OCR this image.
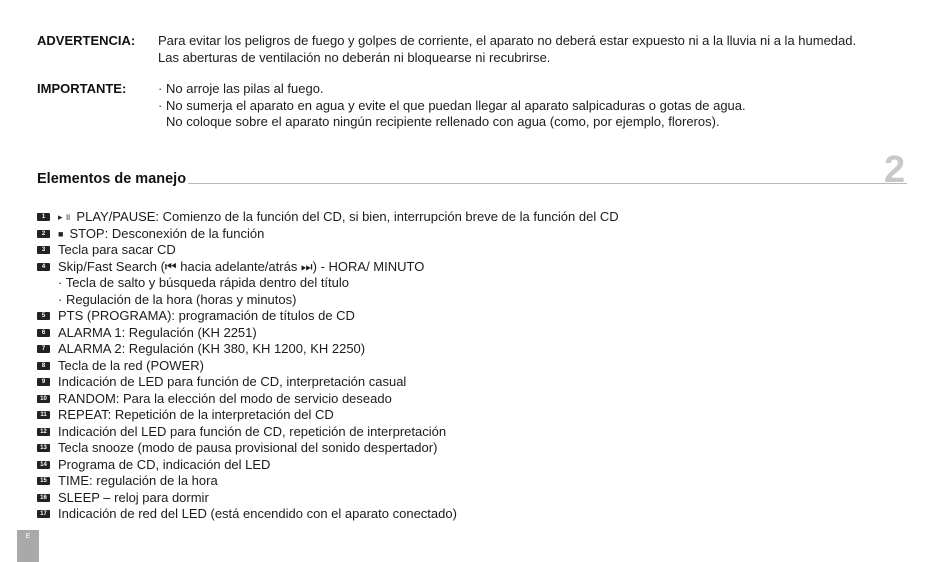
ADVERTENCIA:	Para evitar los peligros de fuego y golpes de corriente, el aparato no deberá estar expuesto ni a la lluvia ni a la humedad.
Las aberturas de ventilación no deberán ni bloquearse ni recubrirse.
IMPORTANTE:	· No arroje las pilas al fuego.
· No sumerja el aparato en agua y evite el que puedan llegar al aparato salpicaduras o gotas de agua.
No coloque sobre el aparato ningún recipiente rellenado con agua (como, por ejemplo, floreros).
Elementos de manejo	2
1	▸ ॥ PLAY/PAUSE: Comienzo de la función del CD, si bien, interrupción breve de la función del CD
2	■ STOP: Desconexión de la función
3 Tecla para sacar CD
4 Skip/Fast Search (⏮ hacia adelante/atrás ⏭) - HORA/ MINUTO
· Tecla de salto y búsqueda rápida dentro del título
· Regulación de la hora (horas y minutos)
5 PTS (PROGRAMA): programación de títulos de CD
6 ALARMA 1: Regulación (KH 2251)
7 ALARMA 2: Regulación (KH 380, KH 1200, KH 2250)
8 Tecla de la red (POWER)
9 Indicación de LED para función de CD, interpretación casual
10 RANDOM: Para la elección del modo de servicio deseado
11 REPEAT: Repetición de la interpretación del CD
12 Indicación del LED para función de CD, repetición de interpretación
13 Tecla snooze (modo de pausa provisional del sonido despertador)
14 Programa de CD, indicación del LED
15 TIME: regulación de la hora
16 SLEEP – reloj para dormir
17 Indicación de red del LED (está encendido con el aparato conectado)
E
